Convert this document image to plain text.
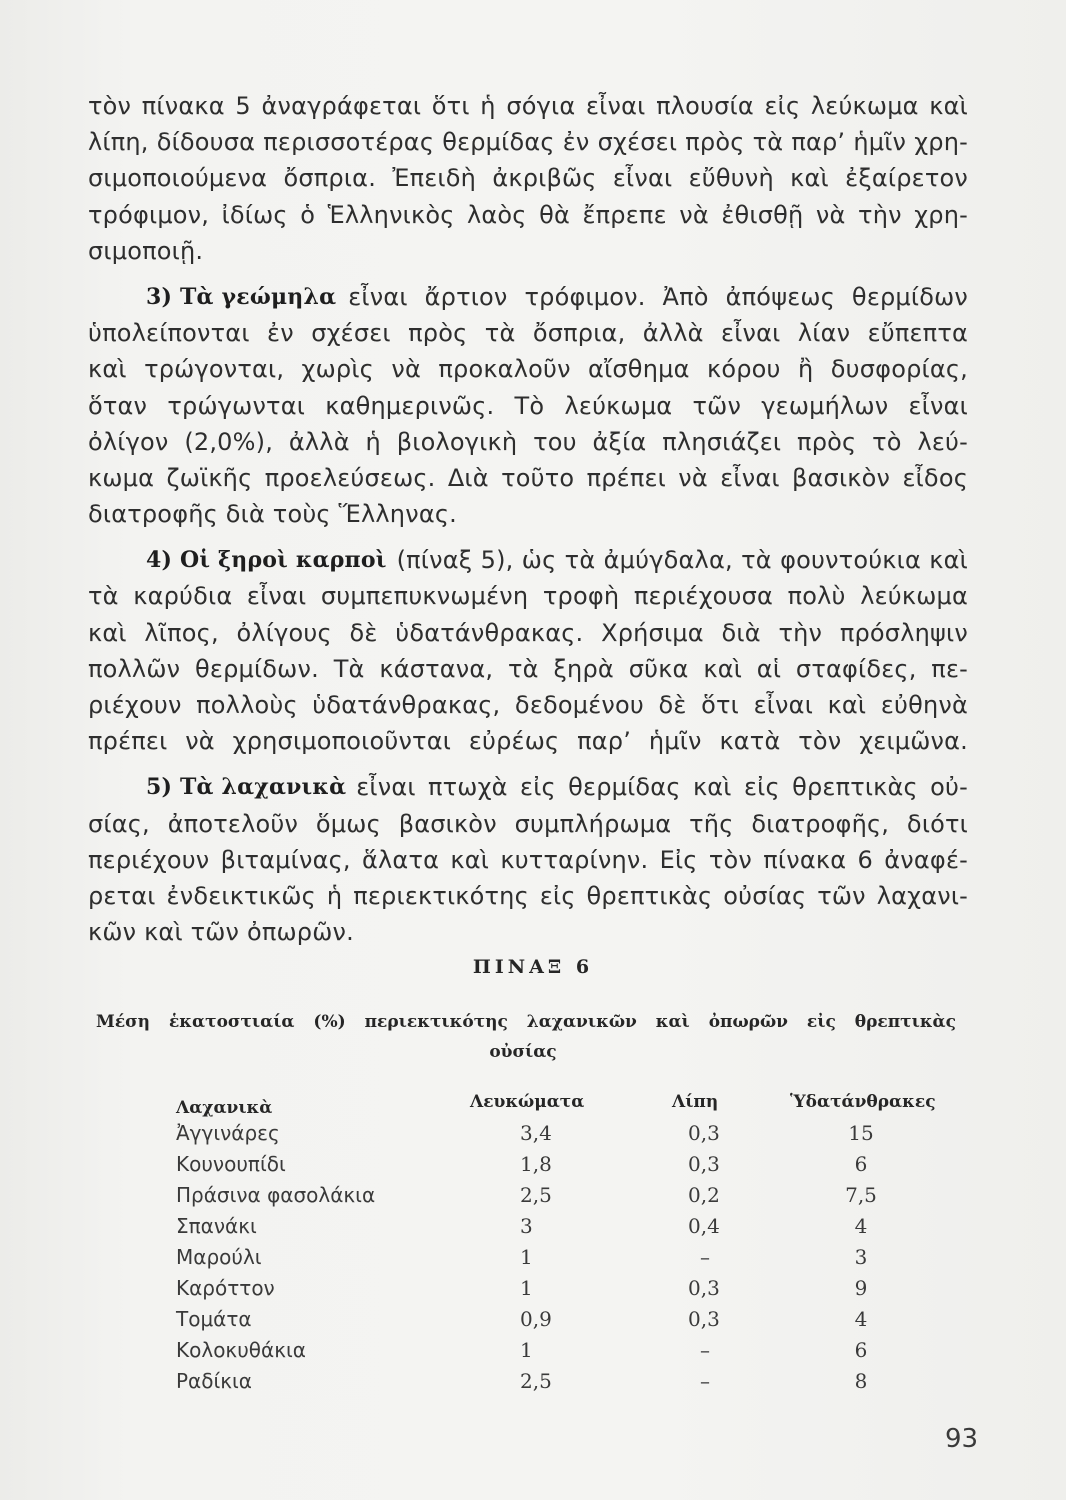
τὸν πίνακα 5 ἀναγράφεται ὅτι ἡ σόγια εἶναι πλουσία εἰς λεύκωμα καὶ
λίπη, δίδουσα περισσοτέρας θερμίδας ἐν σχέσει πρὸς τὰ παρ’ ἡμῖν χρη-
σιμοποιούμενα ὄσπρια. Ἐπειδὴ ἀκριβῶς εἶναι εὔθυνὴ καὶ ἐξαίρετον
τρόφιμον, ἰδίως ὁ Ἑλληνικὸς λαὸς θὰ ἔπρεπε νὰ ἐθισθῇ νὰ τὴν χρη-
σιμοποιῇ.
3) Τὰ γεώμηλα εἶναι ἄρτιον τρόφιμον. Ἀπὸ ἀπόψεως θερμίδων
ὑπολείπονται ἐν σχέσει πρὸς τὰ ὄσπρια, ἀλλὰ εἶναι λίαν εὔπεπτα
καὶ τρώγονται, χωρὶς νὰ προκαλοῦν αἴσθημα κόρου ἢ δυσφορίας,
ὅταν τρώγωνται καθημερινῶς. Τὸ λεύκωμα τῶν γεωμήλων εἶναι
ὀλίγον (2,0%), ἀλλὰ ἡ βιολογικὴ του ἀξία πλησιάζει πρὸς τὸ λεύ-
κωμα ζωϊκῆς προελεύσεως. Διὰ τοῦτο πρέπει νὰ εἶναι βασικὸν εἶδος
διατροφῆς διὰ τοὺς Ἕλληνας.
4) Οἱ ξηροὶ καρποὶ (πίναξ 5), ὡς τὰ ἀμύγδαλα, τὰ φουντούκια καὶ
τὰ καρύδια εἶναι συμπεπυκνωμένη τροφὴ περιέχουσα πολὺ λεύκωμα
καὶ λῖπος, ὀλίγους δὲ ὑδατάνθρακας. Χρήσιμα διὰ τὴν πρόσληψιν
πολλῶν θερμίδων. Τὰ κάστανα, τὰ ξηρὰ σῦκα καὶ αἱ σταφίδες, πε-
ριέχουν πολλοὺς ὑδατάνθρακας, δεδομένου δὲ ὅτι εἶναι καὶ εὐθηνὰ
πρέπει νὰ χρησιμοποιοῦνται εὐρέως παρ’ ἡμῖν κατὰ τὸν χειμῶνα.
5) Τὰ λαχανικὰ εἶναι πτωχὰ εἰς θερμίδας καὶ εἰς θρεπτικὰς οὐ-
σίας, ἀποτελοῦν ὅμως βασικὸν συμπλήρωμα τῆς διατροφῆς, διότι
περιέχουν βιταμίνας, ἅλατα καὶ κυτταρίνην. Εἰς τὸν πίνακα 6 ἀναφέ-
ρεται ἐνδεικτικῶς ἡ περιεκτικότης εἰς θρεπτικὰς οὐσίας τῶν λαχανι-
κῶν καὶ τῶν ὀπωρῶν.
ΠΙΝΑΞ 6
Μέση ἑκατοστιαία (%) περιεκτικότης λαχανικῶν καὶ ὀπωρῶν εἰς θρεπτικὰς
οὐσίας
Λαχανικὰ	Λευκώματα	Λίπη	Ὑδατάνθρακες
Ἀγγινάρες	3,4	0,3	15
Κουνουπίδι	1,8	0,3	6
Πράσινα φασολάκια	2,5	0,2	7,5
Σπανάκι	3	0,4	4
Μαρούλι	1	–	3
Καρόττον	1	0,3	9
Τομάτα	0,9	0,3	4
Κολοκυθάκια	1	–	6
Ραδίκια	2,5	–	8
93
